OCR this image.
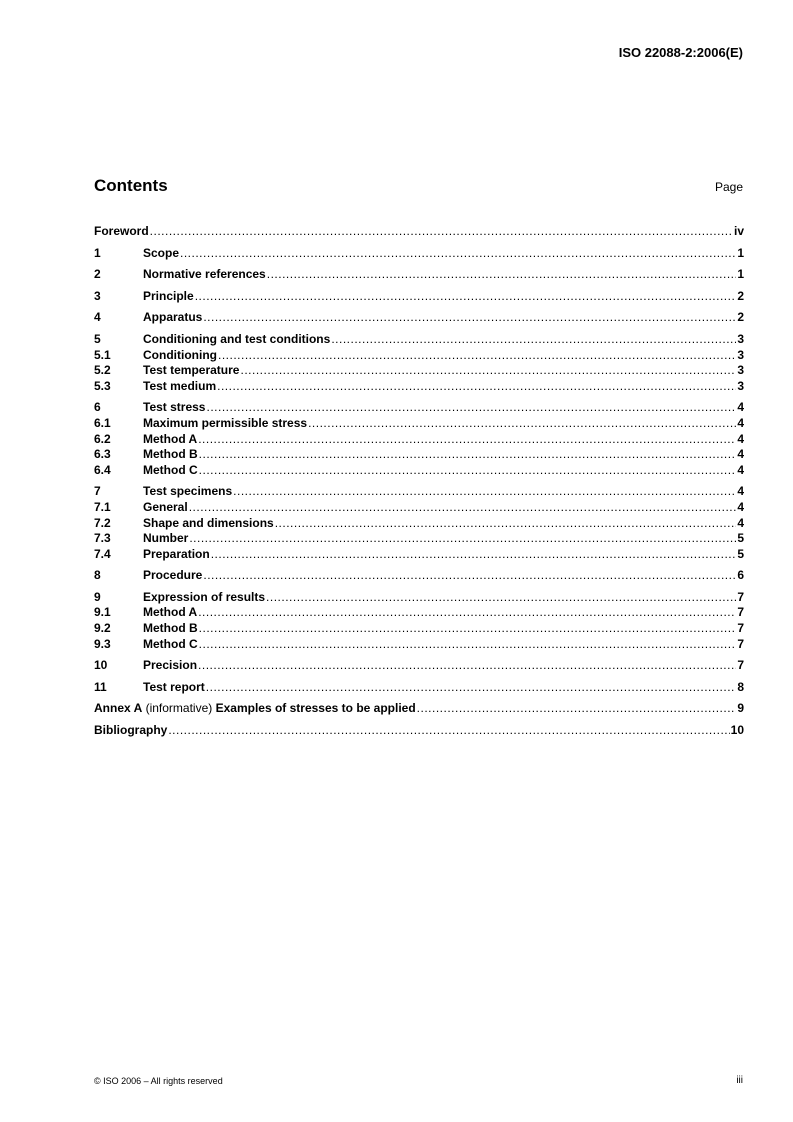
ISO 22088-2:2006(E)
Contents	Page
Foreword .....	iv
1	Scope .....	1
2	Normative references .....	1
3	Principle .....	2
4	Apparatus .....	2
5	Conditioning and test conditions .....	3
5.1	Conditioning .....	3
5.2	Test temperature .....	3
5.3	Test medium .....	3
6	Test stress .....	4
6.1	Maximum permissible stress .....	4
6.2	Method A .....	4
6.3	Method B .....	4
6.4	Method C .....	4
7	Test specimens .....	4
7.1	General .....	4
7.2	Shape and dimensions .....	4
7.3	Number .....	5
7.4	Preparation .....	5
8	Procedure .....	6
9	Expression of results .....	7
9.1	Method A .....	7
9.2	Method B .....	7
9.3	Method C .....	7
10	Precision .....	7
11	Test report .....	8
Annex A (informative) Examples of stresses to be applied .....	9
Bibliography .....	10
© ISO 2006 – All rights reserved	iii
